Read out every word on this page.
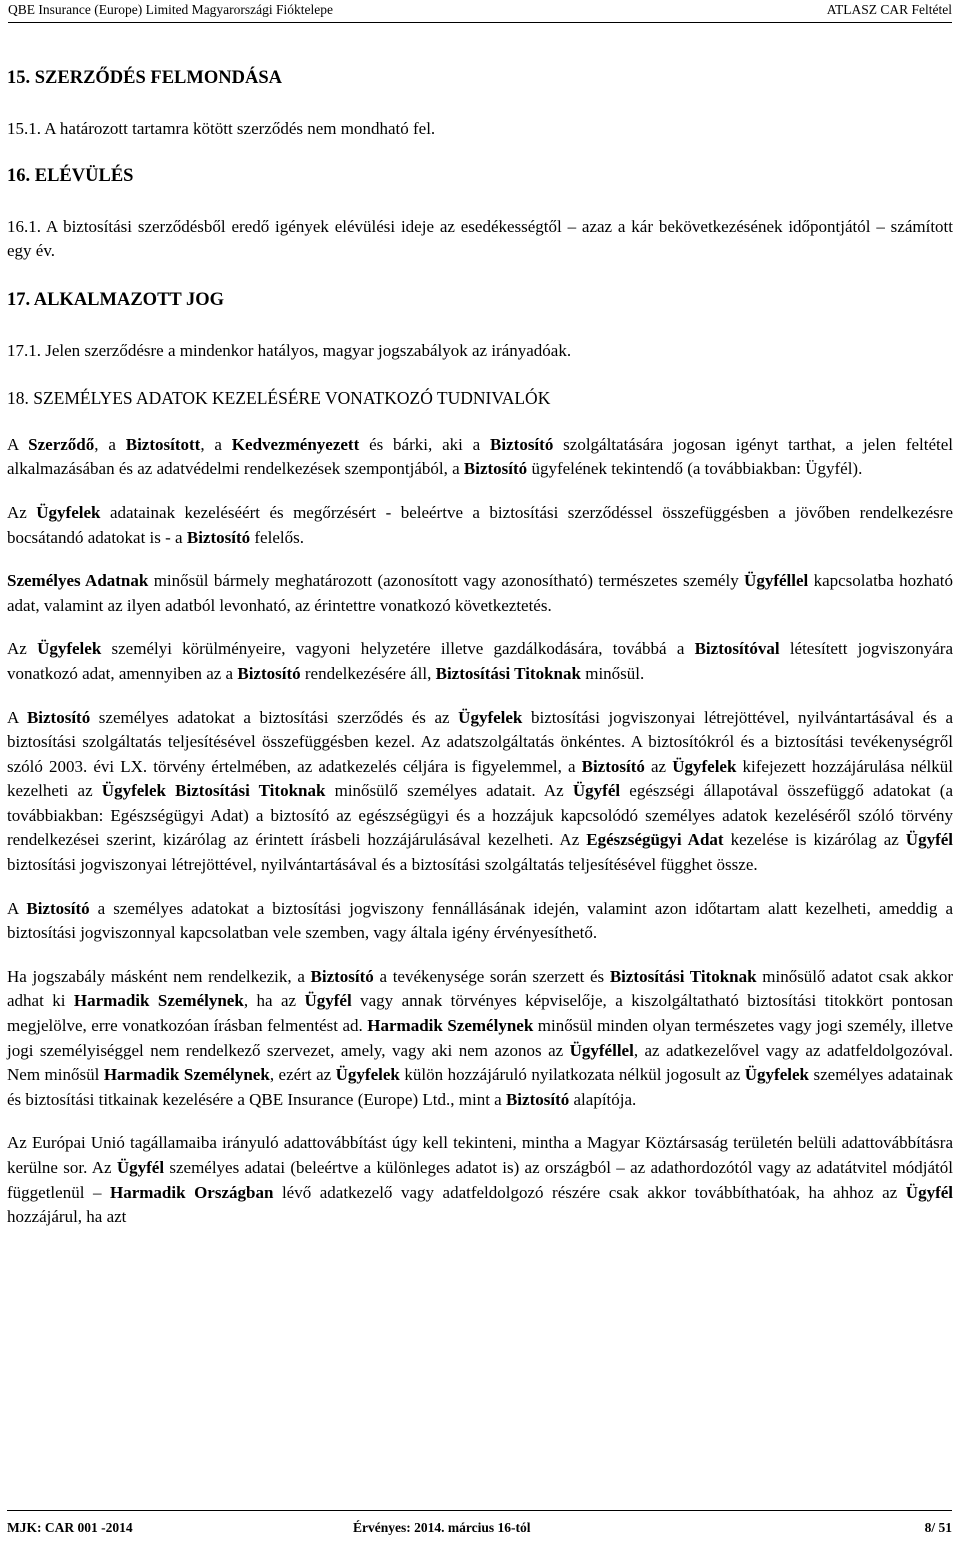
QBE Insurance (Europe) Limited Magyarországi Fióktelepe	ATLASZ CAR Feltétel
15. SZERZŐDÉS FELMONDÁSA
15.1. A határozott tartamra kötött szerződés nem mondható fel.
16. ELÉVÜLÉS

16.1. A biztosítási szerződésből eredő igények elévülési ideje az esedékességtől – azaz a kár bekövetkezésének időpontjától – számított egy év.

17. ALKALMAZOTT JOG
17.1. Jelen szerződésre a mindenkor hatályos, magyar jogszabályok az irányadóak.
18. SZEMÉLYES ADATOK KEZELÉSÉRE VONATKOZÓ TUDNIVALÓK

A Szerződő, a Biztosított, a Kedvezményezett és bárki, aki a Biztosító szolgáltatására jogosan igényt tarthat, a jelen feltétel alkalmazásában és az adatvédelmi rendelkezések szempontjából, a Biztosító ügyfelének tekintendő (a továbbiakban: Ügyfél).

Az Ügyfelek adatainak kezeléséért és megőrzésért - beleértve a biztosítási szerződéssel összefüggésben a jövőben rendelkezésre bocsátandó adatokat is - a Biztosító felelős.

Személyes Adatnak minősül bármely meghatározott (azonosított vagy azonosítható) természetes személy Ügyféllel kapcsolatba hozható adat, valamint az ilyen adatból levonható, az érintettre vonatkozó következtetés.

Az Ügyfelek személyi körülményeire, vagyoni helyzetére illetve gazdálkodására, továbbá a Biztosítóval létesített jogviszonyára vonatkozó adat, amennyiben az a Biztosító rendelkezésére áll, Biztosítási Titoknak minősül.

A Biztosító személyes adatokat a biztosítási szerződés és az Ügyfelek biztosítási jogviszonyai létrejöttével, nyilvántartásával és a biztosítási szolgáltatás teljesítésével összefüggésben kezel. Az adatszolgáltatás önkéntes. A biztosítókról és a biztosítási tevékenységről szóló 2003. évi LX. törvény értelmében, az adatkezelés céljára is figyelemmel, a Biztosító az Ügyfelek kifejezett hozzájárulása nélkül kezelheti az Ügyfelek Biztosítási Titoknak minősülő személyes adatait. Az Ügyfél egészségi állapotával összefüggő adatokat (a továbbiakban: Egészségügyi Adat) a biztosító az egészségügyi és a hozzájuk kapcsolódó személyes adatok kezeléséről szóló törvény rendelkezései szerint, kizárólag az érintett írásbeli hozzájárulásával kezelheti. Az Egészségügyi Adat kezelése is kizárólag az Ügyfél biztosítási jogviszonyai létrejöttével, nyilvántartásával és a biztosítási szolgáltatás teljesítésével függhet össze.

A Biztosító a személyes adatokat a biztosítási jogviszony fennállásának idején, valamint azon időtartam alatt kezelheti, ameddig a biztosítási jogviszonnyal kapcsolatban vele szemben, vagy általa igény érvényesíthető.

Ha jogszabály másként nem rendelkezik, a Biztosító a tevékenysége során szerzett és Biztosítási Titoknak minősülő adatot csak akkor adhat ki Harmadik Személynek, ha az Ügyfél vagy annak törvényes képviselője, a kiszolgáltatható biztosítási titokkört pontosan megjelölve, erre vonatkozóan írásban felmentést ad. Harmadik Személynek minősül minden olyan természetes vagy jogi személy, illetve jogi személyiséggel nem rendelkező szervezet, amely, vagy aki nem azonos az Ügyféllel, az adatkezelővel vagy az adatfeldolgozóval. Nem minősül Harmadik Személynek, ezért az Ügyfelek külön hozzájáruló nyilatkozata nélkül jogosult az Ügyfelek személyes adatainak és biztosítási titkainak kezelésére a QBE Insurance (Europe) Ltd., mint a Biztosító alapítója.

Az Európai Unió tagállamaiba irányuló adattovábbítást úgy kell tekinteni, mintha a Magyar Köztársaság területén belüli adattovábbításra kerülne sor. Az Ügyfél személyes adatai (beleértve a különleges adatot is) az országból – az adathordozótól vagy az adatátvitel módjától függetlenül – Harmadik Országban lévő adatkezelő vagy adatfeldolgozó részére csak akkor továbbíthatóak, ha ahhoz az Ügyfél hozzájárul, ha azt

MJK: CAR 001 -2014	Érvényes: 2014. március 16-tól	8/ 51
